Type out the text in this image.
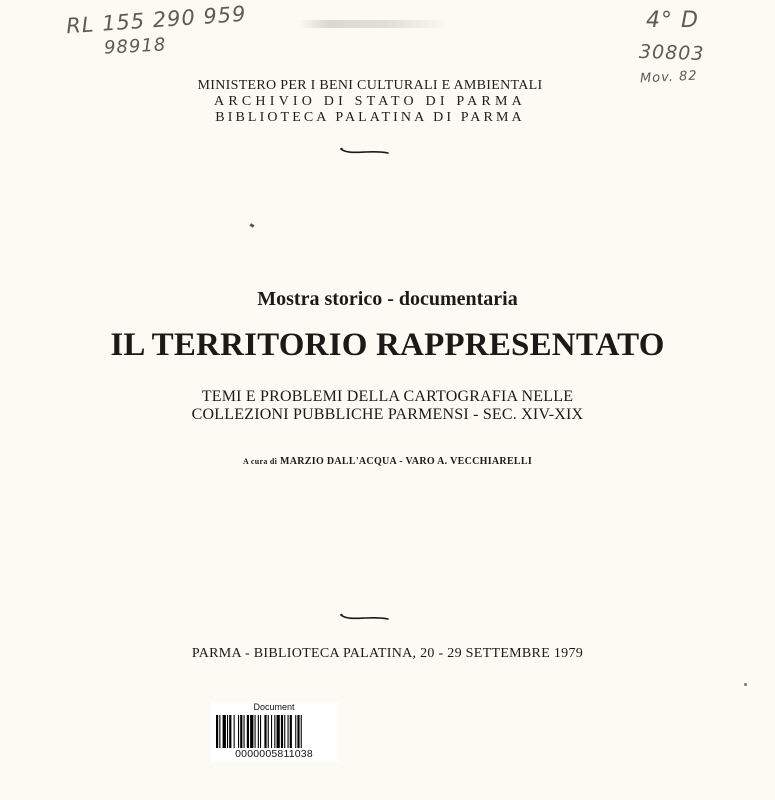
RL 155 290 959
98918
4° D
30803
Mov. 82
MINISTERO PER I BENI CULTURALI E AMBIENTALI
ARCHIVIO DI STATO DI PARMA
BIBLIOTECA PALATINA DI PARMA
Mostra storico - documentaria
IL TERRITORIO RAPPRESENTATO
TEMI E PROBLEMI DELLA CARTOGRAFIA NELLE
COLLEZIONI PUBBLICHE PARMENSI - SEC. XIV-XIX
A cura di MARZIO DALL'ACQUA - VARO A. VECCHIARELLI
PARMA - BIBLIOTECA PALATINA, 20 - 29 SETTEMBRE 1979
Document
0000005811038
